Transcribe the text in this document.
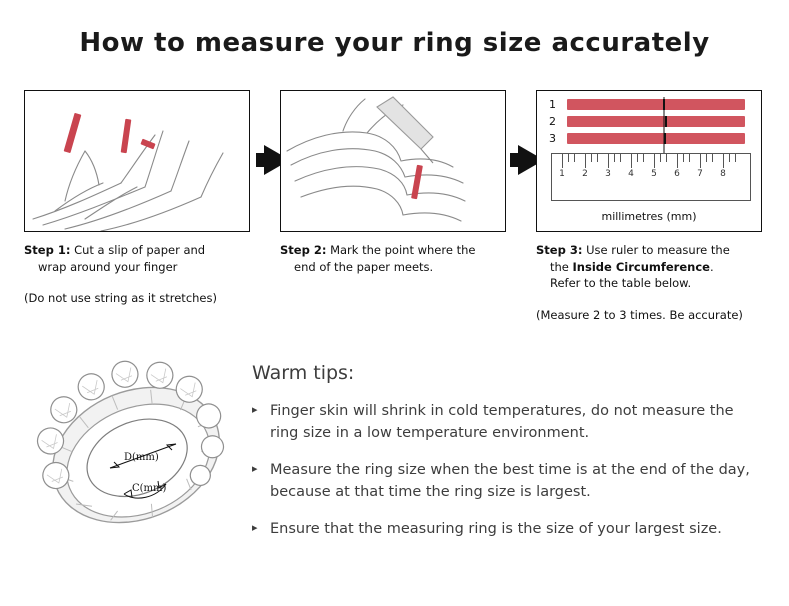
How to measure your ring size accurately
Step 1: Cut a slip of paper and
wrap around your finger
(Do not use string as it stretches)
Step 2: Mark the point where the
end of the paper meets.
1
2
3
1 2 3 4 5 6 7 8
millimetres (mm)
Step 3: Use ruler to measure the
the Inside Circumference.
Refer to the table below.
(Measure 2 to 3 times. Be accurate)
D(mm)
C(mm)
Warm tips:
▸ Finger skin will shrink in cold temperatures, do not measure the ring size in a low temperature environment.
▸ Measure the ring size when the best time is at the end of the day, because at that time the ring size is largest.
▸ Ensure that the measuring ring is the size of your largest size.
